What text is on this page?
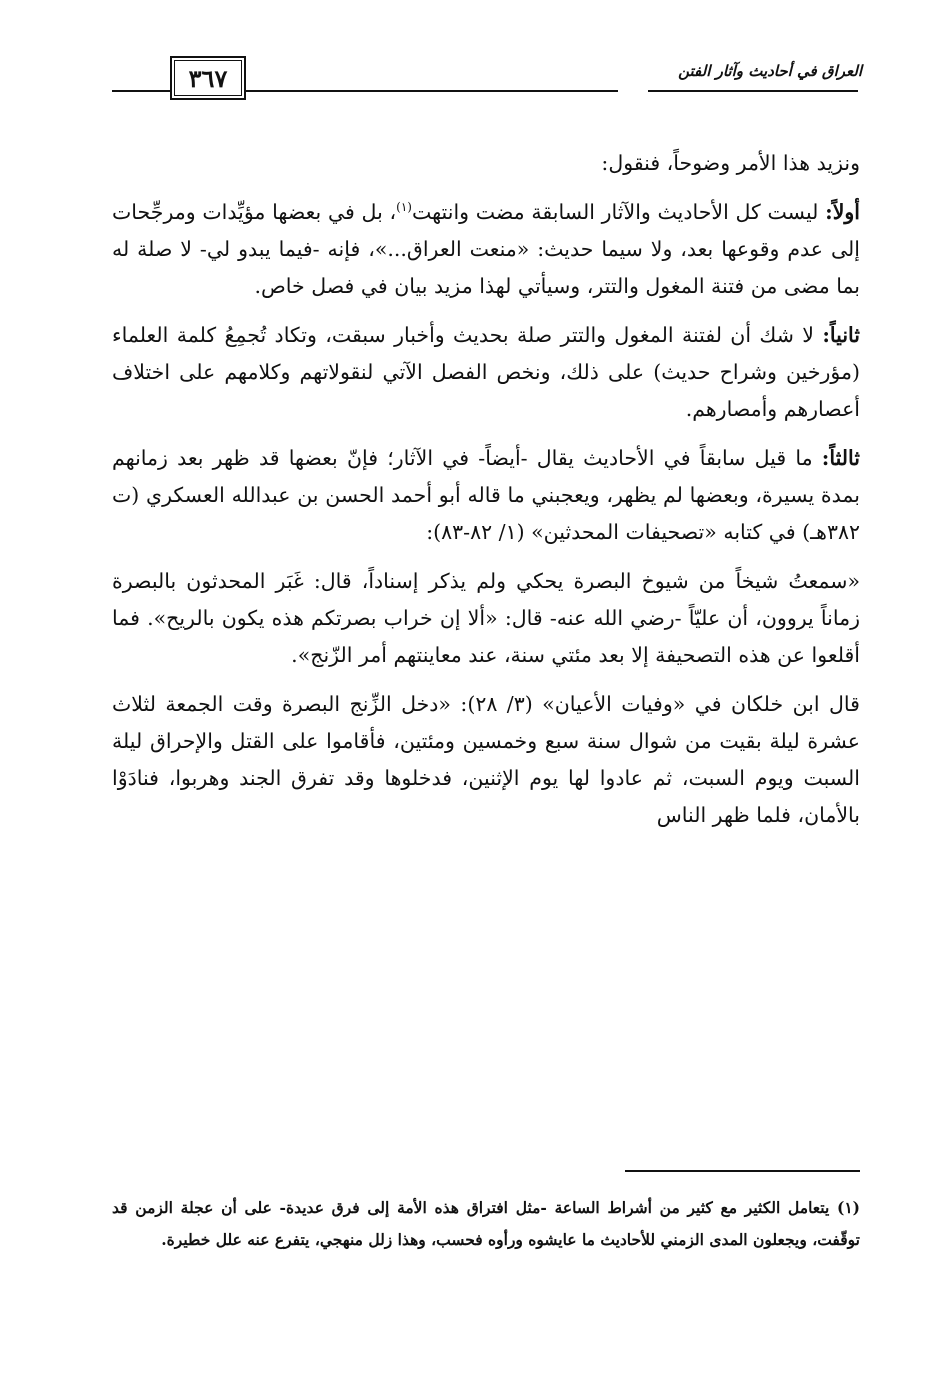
العراق في أحاديث وآثار الفتن
٣٦٧

ونزيد هذا الأمر وضوحاً، فنقول:

أولاً: ليست كل الأحاديث والآثار السابقة مضت وانتهت$^{(١)}$، بل في بعضها مؤيِّدات ومرجِّحات إلى عدم وقوعها بعد، ولا سيما حديث: «منعت العراق...»، فإنه -فيما يبدو لي- لا صلة له بما مضى من فتنة المغول والتتر، وسيأتي لهذا مزيد بيان في فصل خاص.

ثانياً: لا شك أن لفتنة المغول والتتر صلة بحديث وأخبار سبقت، وتكاد تُجمِعُ كلمة العلماء (مؤرخين وشراح حديث) على ذلك، ونخص الفصل الآتي لنقولاتهم وكلامهم على اختلاف أعصارهم وأمصارهم.

ثالثاً: ما قيل سابقاً في الأحاديث يقال -أيضاً- في الآثار؛ فإنّ بعضها قد ظهر بعد زمانهم بمدة يسيرة، وبعضها لم يظهر، ويعجبني ما قاله أبو أحمد الحسن بن عبدالله العسكري (ت ٣٨٢هـ) في كتابه «تصحيفات المحدثين» (١/ ٨٢-٨٣):

«سمعتُ شيخاً من شيوخ البصرة يحكي ولم يذكر إسناداً، قال: غَبَر المحدثون بالبصرة زماناً يروون، أن عليّاً -رضي الله عنه- قال: «ألا إن خراب بصرتكم هذه يكون بالريح». فما أقلعوا عن هذه التصحيفة إلا بعد مئتي سنة، عند معاينتهم أمر الزّنج».

قال ابن خلكان في «وفيات الأعيان» (٣/ ٢٨): «دخل الزِّنج البصرة وقت الجمعة لثلاث عشرة ليلة بقيت من شوال سنة سبع وخمسين ومئتين، فأقاموا على القتل والإحراق ليلة السبت ويوم السبت، ثم عادوا لها يوم الإثنين، فدخلوها وقد تفرق الجند وهربوا، فنادَوْا بالأمان، فلما ظهر الناس

(١) يتعامل الكثير مع كثير من أشراط الساعة -مثل افتراق هذه الأمة إلى فرق عديدة- على أن عجلة الزمن قد توقّفت، ويجعلون المدى الزمني للأحاديث ما عايشوه ورأوه فحسب، وهذا زلل منهجي، يتفرع عنه علل خطيرة.
